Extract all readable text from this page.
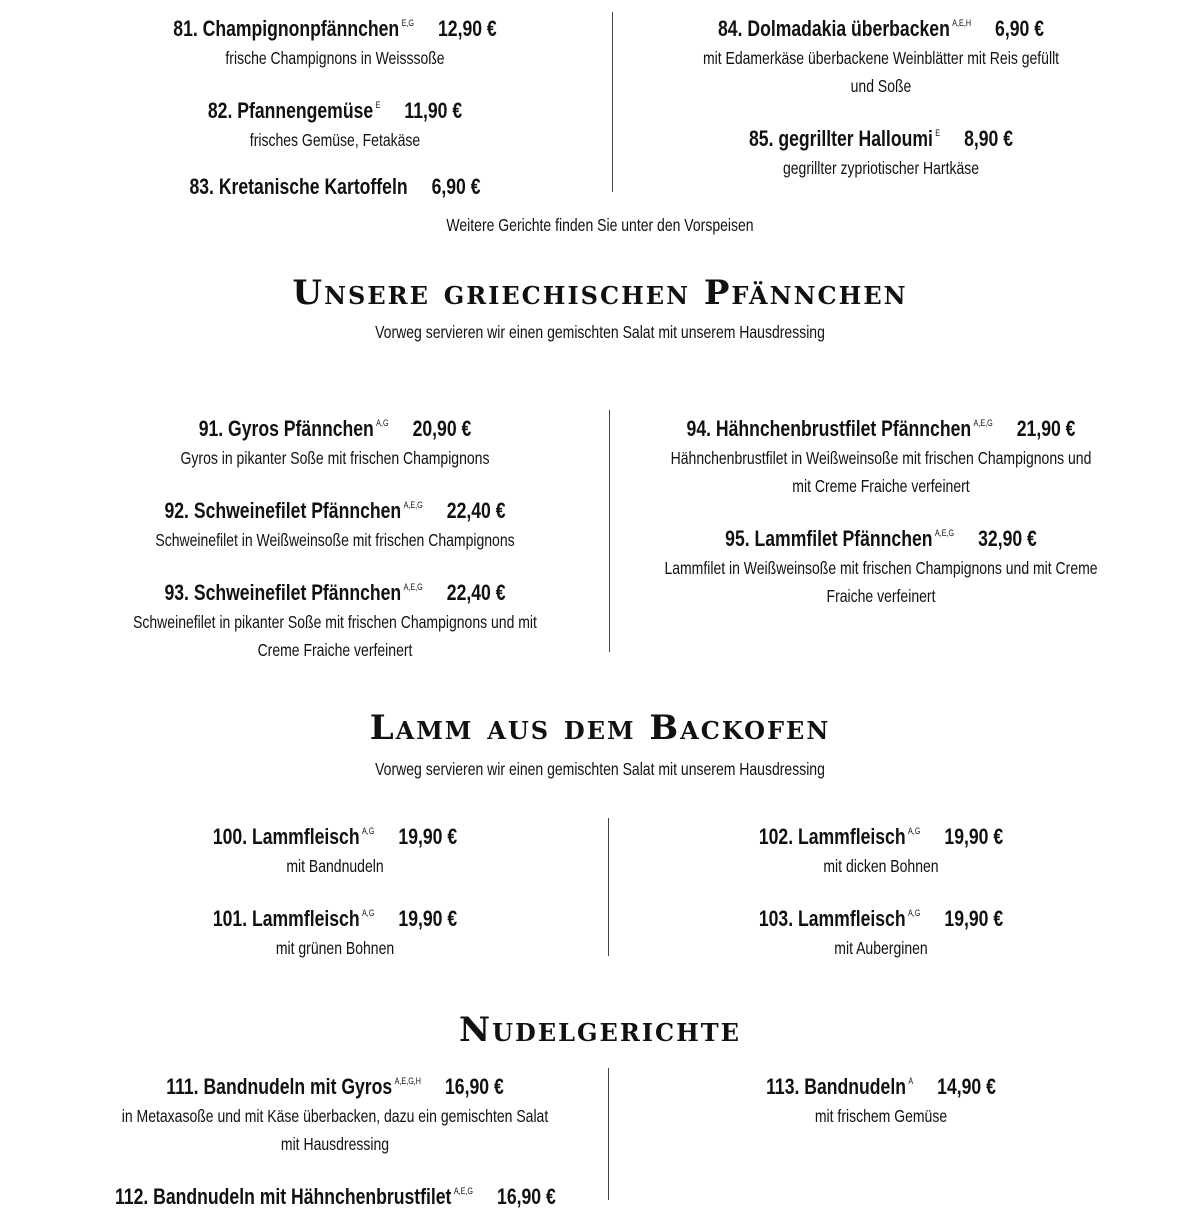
81. Champignonpfännchen $^{E,G}$ 12,90 €
frische Champignons in Weisssoße
82. Pfannengemüse $^E$ 11,90 €
frisches Gemüse, Fetakäse
83. Kretanische Kartoffeln 6,90 €
84. Dolmadakia überbacken $^{A,E,H}$ 6,90 €
mit Edamerkäse überbackene Weinblätter mit Reis gefüllt
und Soße
85. gegrillter Halloumi $^E$ 8,90 €
gegrillter zypriotischer Hartkäse
Weitere Gerichte finden Sie unter den Vorspeisen
Unsere griechischen Pfännchen
Vorweg servieren wir einen gemischten Salat mit unserem Hausdressing
91. Gyros Pfännchen $^{A,G}$ 20,90 €
Gyros in pikanter Soße mit frischen Champignons
92. Schweinefilet Pfännchen $^{A,E,G}$ 22,40 €
Schweinefilet in Weißweinsoße mit frischen Champignons
93. Schweinefilet Pfännchen $^{A,E,G}$ 22,40 €
Schweinefilet in pikanter Soße mit frischen Champignons und mit
Creme Fraiche verfeinert
94. Hähnchenbrustfilet Pfännchen $^{A,E,G}$ 21,90 €
Hähnchenbrustfilet in Weißweinsoße mit frischen Champignons und
mit Creme Fraiche verfeinert
95. Lammfilet Pfännchen $^{A,E,G}$ 32,90 €
Lammfilet in Weißweinsoße mit frischen Champignons und mit Creme
Fraiche verfeinert
Lamm aus dem Backofen
Vorweg servieren wir einen gemischten Salat mit unserem Hausdressing
100. Lammfleisch $^{A,G}$ 19,90 €
mit Bandnudeln
101. Lammfleisch $^{A,G}$ 19,90 €
mit grünen Bohnen
102. Lammfleisch $^{A,G}$ 19,90 €
mit dicken Bohnen
103. Lammfleisch $^{A,G}$ 19,90 €
mit Auberginen
Nudelgerichte
111. Bandnudeln mit Gyros $^{A,E,G,H}$ 16,90 €
in Metaxasoße und mit Käse überbacken, dazu ein gemischten Salat
mit Hausdressing
112. Bandnudeln mit Hähnchenbrustfilet $^{A,E,G}$ 16,90 €
113. Bandnudeln $^A$ 14,90 €
mit frischem Gemüse
